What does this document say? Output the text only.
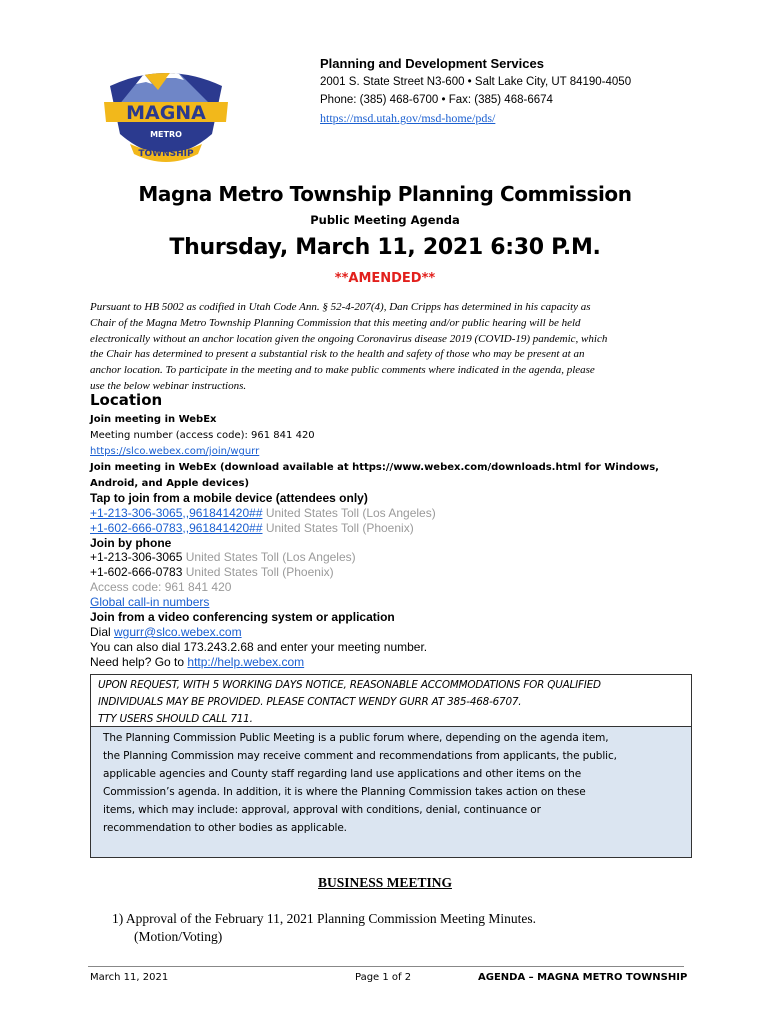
MAGNA
METRO
TOWNSHIP
Planning and Development Services
2001 S. State Street N3-600 • Salt Lake City, UT 84190-4050
Phone: (385) 468-6700 • Fax: (385) 468-6674
https://msd.utah.gov/msd-home/pds/
Magna Metro Township Planning Commission
Public Meeting Agenda
Thursday, March 11, 2021 6:30 P.M.
**AMENDED**
Pursuant to HB 5002 as codified in Utah Code Ann. § 52-4-207(4), Dan Cripps has determined in his capacity as
Chair of the Magna Metro Township Planning Commission that this meeting and/or public hearing will be held
electronically without an anchor location given the ongoing Coronavirus disease 2019 (COVID-19) pandemic, which
the Chair has determined to present a substantial risk to the health and safety of those who may be present at an
anchor location. To participate in the meeting and to make public comments where indicated in the agenda, please
use the below webinar instructions.
Location
Join meeting in WebEx
Meeting number (access code): 961 841 420
https://slco.webex.com/join/wgurr
Join meeting in WebEx (download available at https://www.webex.com/downloads.html for Windows,
Android, and Apple devices)
Tap to join from a mobile device (attendees only)
+1-213-306-3065,,961841420## United States Toll (Los Angeles)
+1-602-666-0783,,961841420## United States Toll (Phoenix)
Join by phone
+1-213-306-3065 United States Toll (Los Angeles)
+1-602-666-0783 United States Toll (Phoenix)
Access code: 961 841 420
Global call-in numbers
Join from a video conferencing system or application
Dial wgurr@slco.webex.com
You can also dial 173.243.2.68 and enter your meeting number.
Need help? Go to http://help.webex.com
UPON REQUEST, WITH 5 WORKING DAYS NOTICE, REASONABLE ACCOMMODATIONS FOR QUALIFIED
INDIVIDUALS MAY BE PROVIDED. PLEASE CONTACT WENDY GURR AT 385-468-6707.
TTY USERS SHOULD CALL 711.
The Planning Commission Public Meeting is a public forum where, depending on the agenda item,
the Planning Commission may receive comment and recommendations from applicants, the public,
applicable agencies and County staff regarding land use applications and other items on the
Commission’s agenda. In addition, it is where the Planning Commission takes action on these
items, which may include: approval, approval with conditions, denial, continuance or
recommendation to other bodies as applicable.
BUSINESS MEETING
1) Approval of the February 11, 2021 Planning Commission Meeting Minutes.
(Motion/Voting)
March 11, 2021	Page 1 of 2	AGENDA – MAGNA METRO TOWNSHIP
